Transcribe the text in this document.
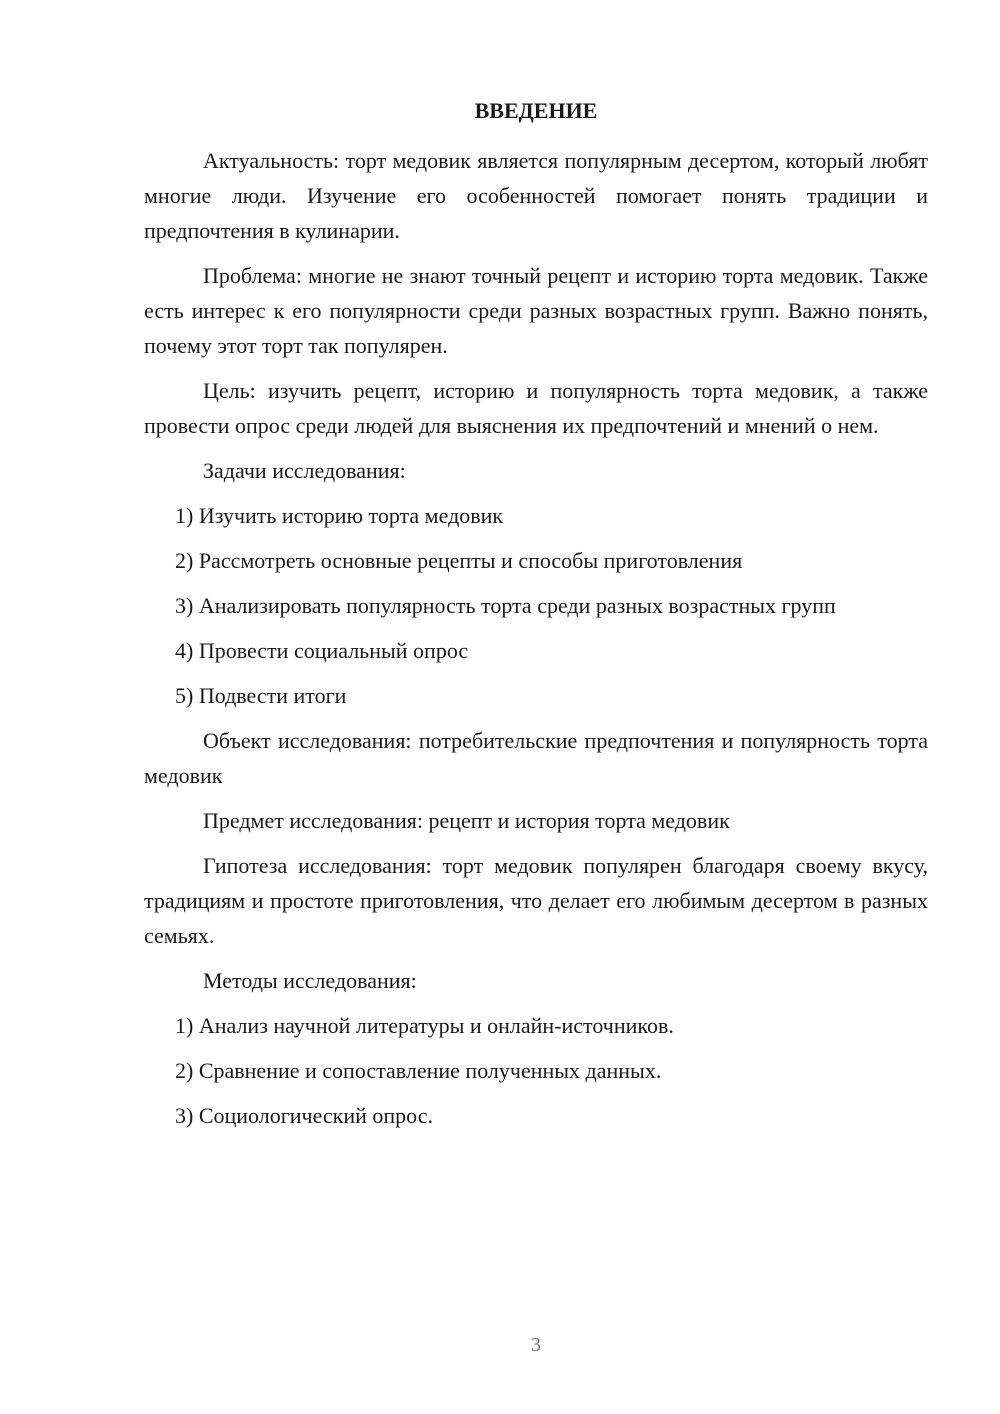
ВВЕДЕНИЕ

Актуальность: торт медовик является популярным десертом, который любят многие люди. Изучение его особенностей помогает понять традиции и предпочтения в кулинарии.

Проблема: многие не знают точный рецепт и историю торта медовик. Также есть интерес к его популярности среди разных возрастных групп. Важно понять, почему этот торт так популярен.

Цель: изучить рецепт, историю и популярность торта медовик, а также провести опрос среди людей для выяснения их предпочтений и мнений о нем.

Задачи исследования:

1) Изучить историю торта медовик

2) Рассмотреть основные рецепты и способы приготовления

3) Анализировать популярность торта среди разных возрастных групп

4) Провести социальный опрос

5) Подвести итоги

Объект исследования: потребительские предпочтения и популярность торта медовик

Предмет исследования: рецепт и история торта медовик

Гипотеза исследования: торт медовик популярен благодаря своему вкусу, традициям и простоте приготовления, что делает его любимым десертом в разных семьях.

Методы исследования:

1) Анализ научной литературы и онлайн-источников.

2) Сравнение и сопоставление полученных данных.

3) Социологический опрос.

3
